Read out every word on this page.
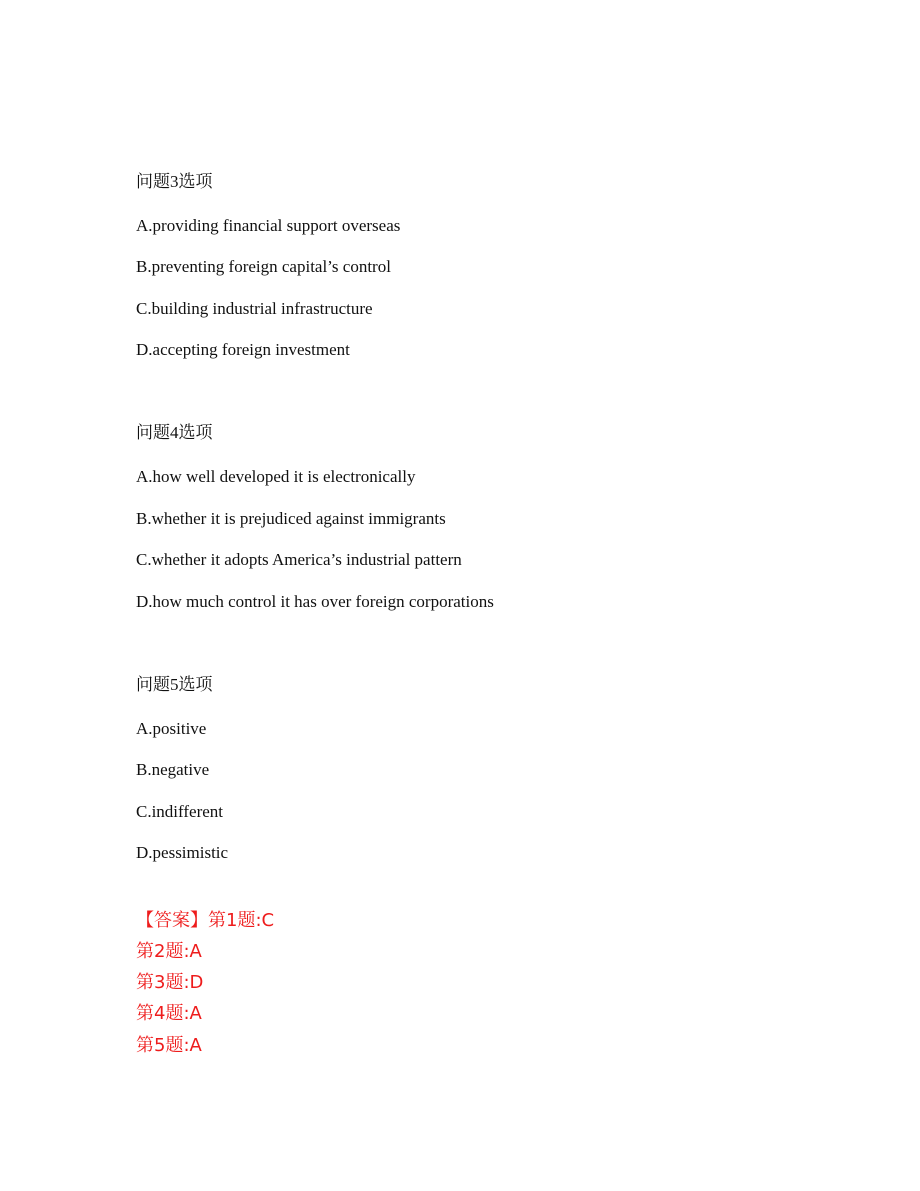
问题3选项
A.providing financial support overseas
B.preventing foreign capital’s control
C.building industrial infrastructure
D.accepting foreign investment
问题4选项
A.how well developed it is electronically
B.whether it is prejudiced against immigrants
C.whether it adopts America’s industrial pattern
D.how much control it has over foreign corporations
问题5选项
A.positive
B.negative
C.indifferent
D.pessimistic
【答案】第1题:C
第2题:A
第3题:D
第4题:A
第5题:A
